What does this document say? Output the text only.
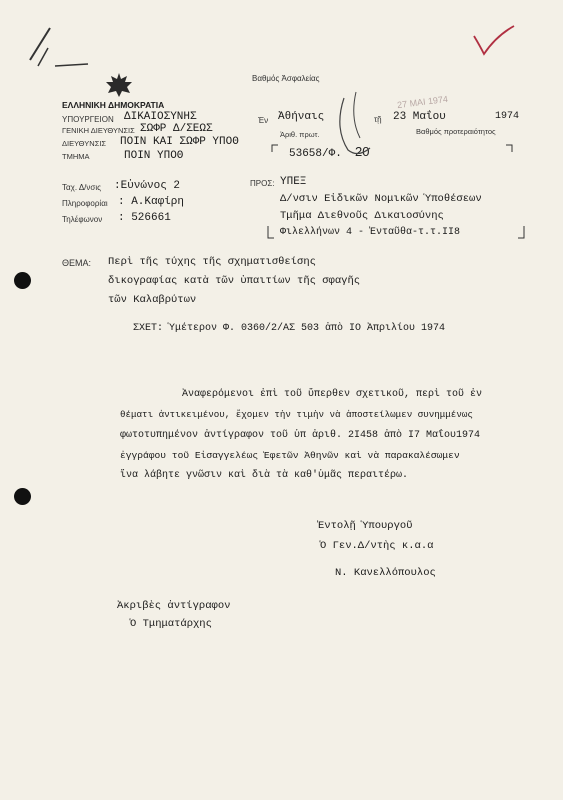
ΕΛΛΗΝΙΚΗ ΔΗΜΟΚΡΑΤΙΑ
ΥΠΟΥΡΓΕΙΟΝ ΔΙΚΑΙΟΣΥΝΗΣ
ΓΕΝΙΚΗ ΔΙΕΥΘΥΝΣΙΣ ΣΩΦΡ Δ/ΣΕΩΣ
ΔΙΕΥΘΥΝΣΙΣ ΠΟΙΝ ΚΑΙ ΣΩΦΡ ΥΠΟΘ
ΤΜΗΜΑ	ΠΟΙΝ ΥΠΟΘ
Βαθμός Ἀσφαλείας
Ἐν Ἀθήναις	τῇ 23 Μαΐου	1974
Βαθμός προτεραιότητος
27 ΜΑΙ 1974
Ἀριθ. πρωτ.
53658/Φ. 20
Ταχ. Δ/νσις :Εὐνώνος 2
Πληροφορίαι : Α.Καφίρη
Τηλέφωνον : 526661
ΠΡΟΣ: ΥΠΕΞ
Δ/νσιν Εἰδικῶν Νομικῶν Ὑποθέσεων
Τμῆμα Διεθνοῦς Δικαιοσύνης
Φιλελλήνων 4 - Ἐνταῦθα-τ.τ.ΙΙ8
ΘΕΜΑ: Περὶ τῆς τύχης τῆς σχηματισθείσης
δικογραφίας κατὰ τῶν ὑπαιτίων τῆς σφαγῆς
τῶν Καλαβρύτων
ΣΧΕΤ: Ὑμέτερον Φ. 0360/2/ΑΣ 503 ἀπὸ ΙΟ Ἀπριλίου 1974
Ἀναφερόμενοι ἐπὶ τοῦ ὕπερθεν σχετικοῦ, περὶ τοῦ ἐν
θέματι ἀντικειμένου, ἔχομεν τὴν τιμὴν νὰ ἀποστείλωμεν συνημμένως
φωτοτυπημένον ἀντίγραφον τοῦ ὑπ ἀριθ. 2Ι458 ἀπὸ Ι7 Μαΐου1974
ἐγγράφου τοῦ Εἰσαγγελέως Ἐφετῶν Ἀθηνῶν καὶ νὰ παρακαλέσωμεν
ἵνα λάβητε γνῶσιν καὶ διὰ τὰ καθ'ὑμᾶς περαιτέρω.
Ἐντολῇ Ὑπουργοῦ
Ὁ Γεν.Δ/ντὴς κ.α.α
Ν. Κανελλόπουλος
Ἀκριβὲς ἀντίγραφον
Ὁ Τμηματάρχης
